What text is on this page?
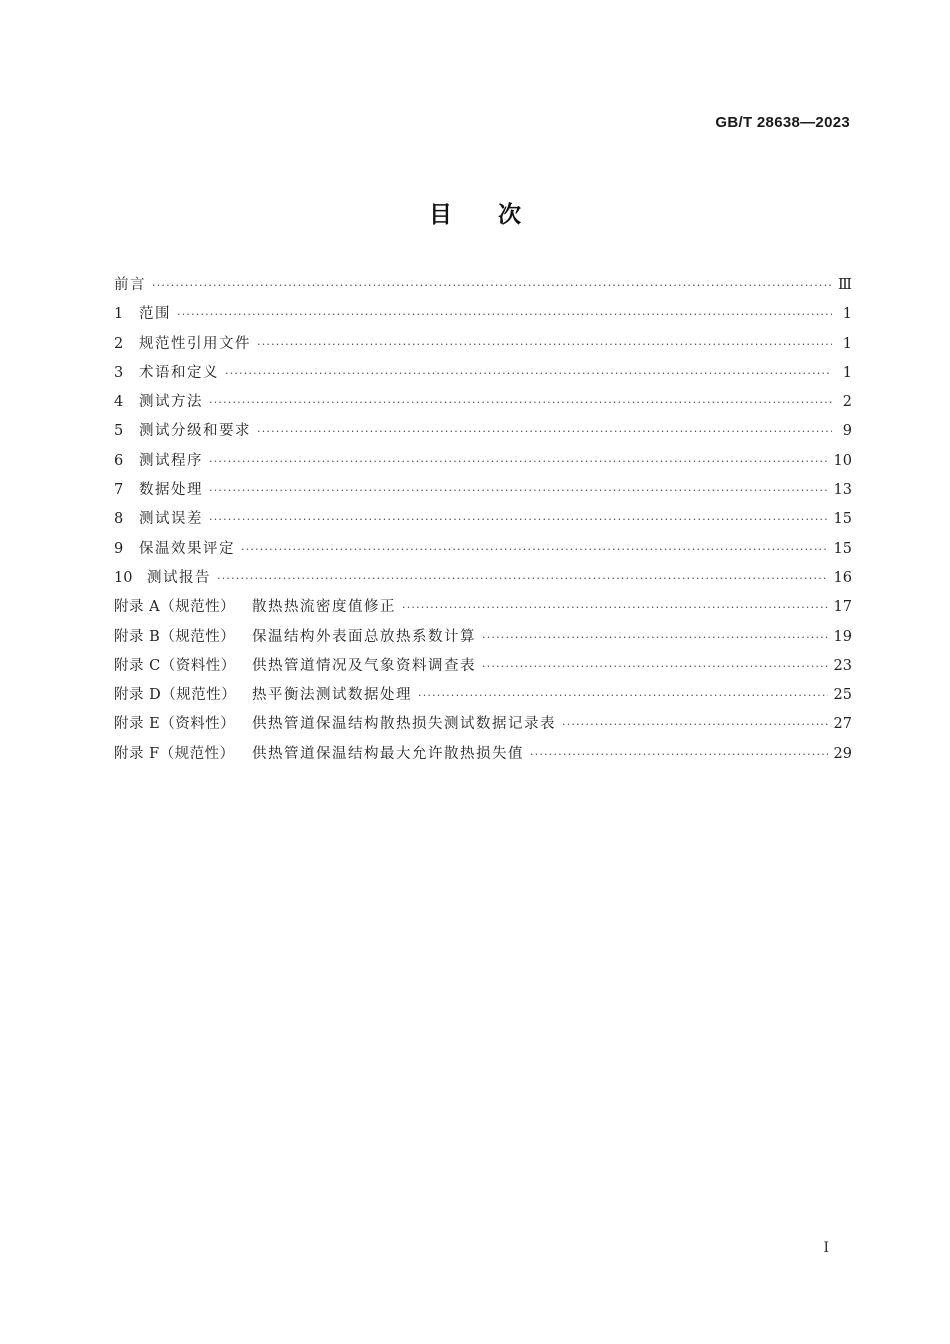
GB/T 28638—2023
目次
前言 ·····	Ⅲ
1	范围 ·····	1
2	规范性引用文件 ·····	1
3	术语和定义 ·····	1
4	测试方法 ·····	2
5	测试分级和要求 ·····	9
6	测试程序 ·····	10
7	数据处理 ·····	13
8	测试误差 ·····	15
9	保温效果评定 ·····	15
10	测试报告 ·····	16
附录 A（规范性）	散热热流密度值修正 ·····	17
附录 B（规范性）	保温结构外表面总放热系数计算 ·····	19
附录 C（资料性）	供热管道情况及气象资料调查表 ·····	23
附录 D（规范性）	热平衡法测试数据处理 ·····	25
附录 E（资料性）	供热管道保温结构散热损失测试数据记录表 ·····	27
附录 F（规范性）	供热管道保温结构最大允许散热损失值 ·····	29
I
